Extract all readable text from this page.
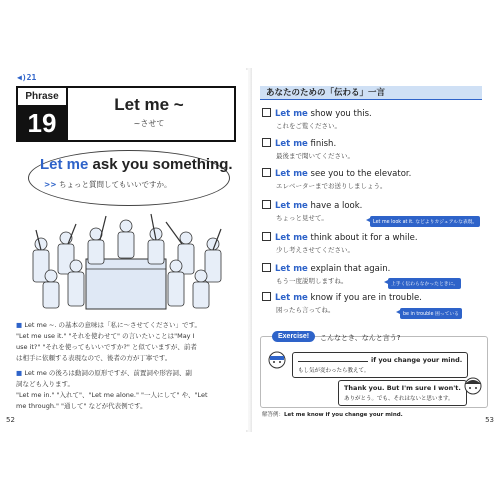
◀)21
Phrase
19
Let me ~
~させて
Let me ask you something.
>> ちょっと質問してもいいですか。
■ Let me ~. の基本の意味は「私に～させてください」です。
"Let me use it." "それを使わせて" の言いたいことは"May I
use it?" "それを使ってもいいですか?" と似ていますが、前者
は相手に依頼する表現なので、後者の方が丁寧です。
■ Let me の後ろは動詞の原形ですが、前置詞や形容詞、副
詞なども入ります。
"Let me in." "入れて"、"Let me alone." "一人にして" や、"Let
me through." "通して" などが代表例です。
52
あなたのための「伝わる」一言
Let me show you this.
これをご覧ください。
Let me finish.
最後まで聞いてください。
Let me see you to the elevator.
エレベーターまでお送りしましょう。
Let me have a look.
ちょっと見せて。
Let me look at it. などよりカジュアルな表現。
Let me think about it for a while.
少し考えさせてください。
Let me explain that again.
もう一度説明しますね。	上手く伝わらなかったときに。
Let me know if you are in trouble.
困ったら言ってね。
be in trouble 困っている
Exercise!	こんなとき、なんと言う?
if you change your mind.
もし気が変わったら教えて。
Thank you. But I'm sure I won't.
ありがとう。でも、それはないと思います。
解答例：Let me know if you change your mind.
53
